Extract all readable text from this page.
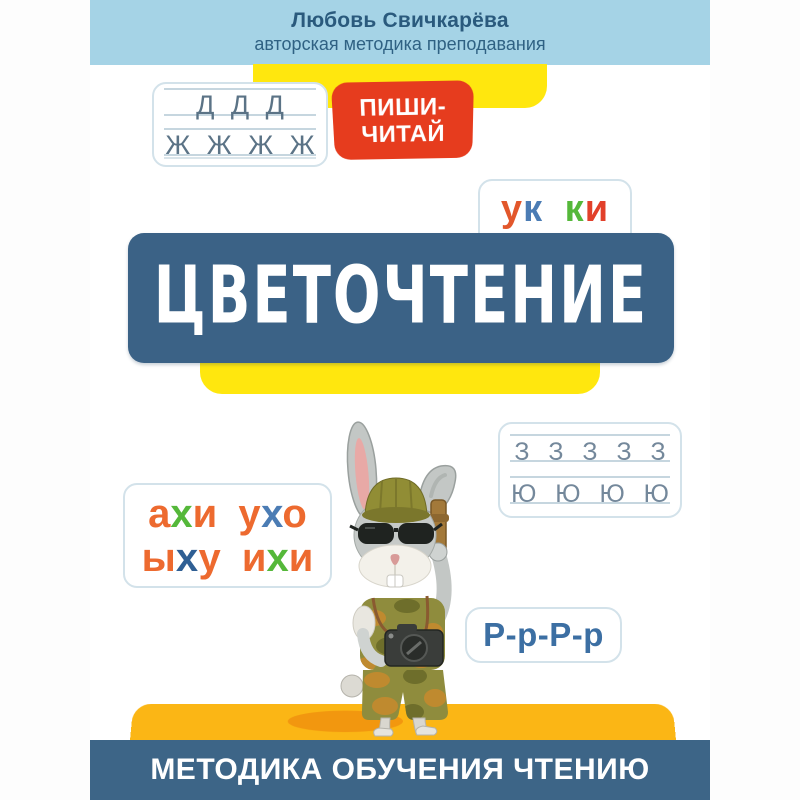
Любовь Свичкарёва
авторская методика преподавания
Д Д Д
Ж Ж Ж Ж
ПИШИ-
ЧИТАЙ
ук ки
ЦВЕТОЧТЕНИЕ
З З З З З
Ю Ю Ю Ю
ахи ухо
ыху ихи
Р-р-Р-р
МЕТОДИКА ОБУЧЕНИЯ ЧТЕНИЮ
